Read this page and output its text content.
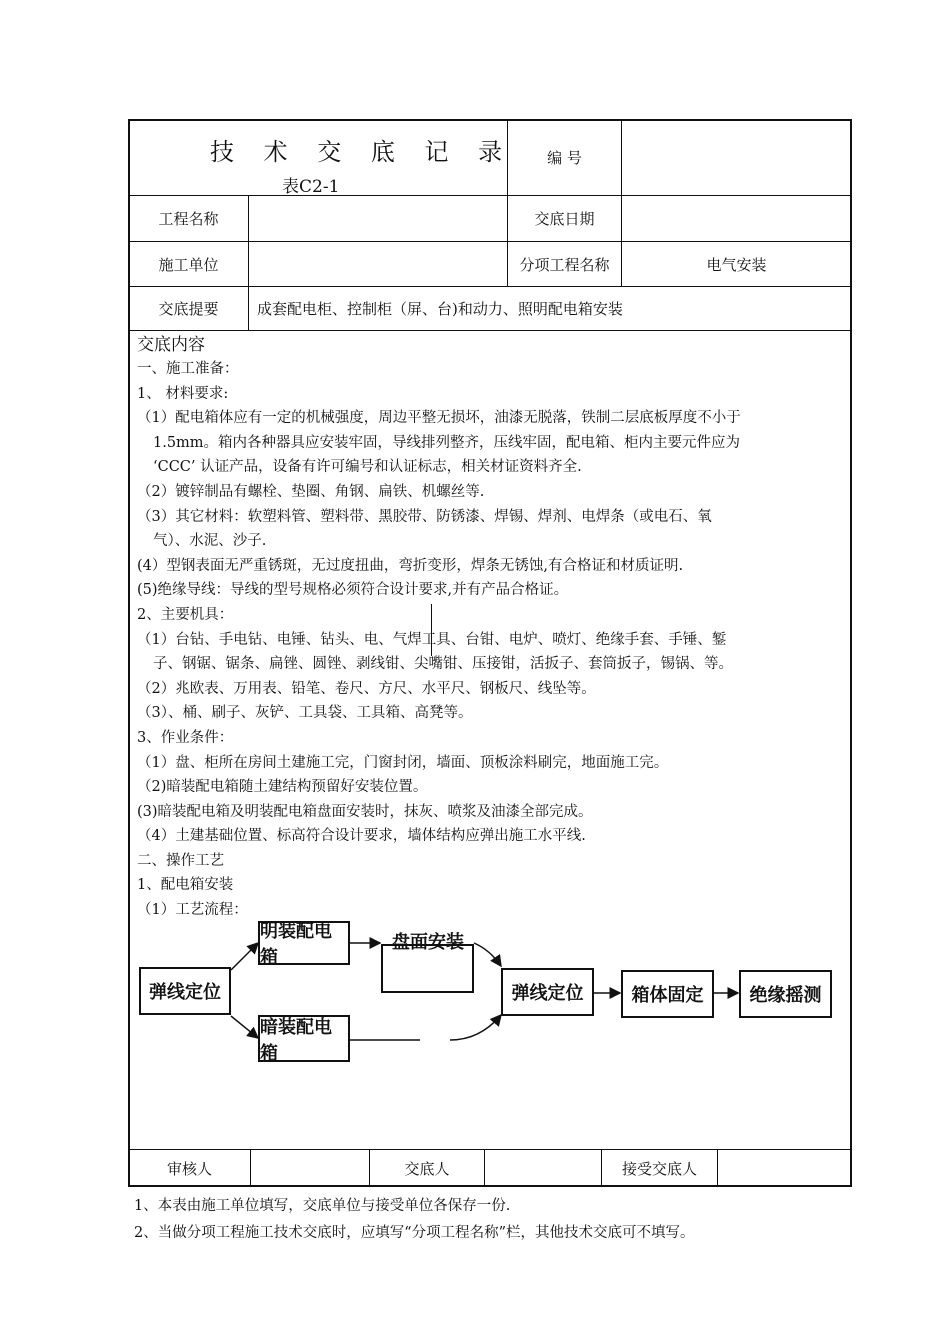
技 术 交 底 记 录
表C2-1
编 号
工程名称	交底日期
施工单位	分项工程名称	电气安装
交底提要	成套配电柜、控制柜（屏、台)和动力、照明配电箱安装

交底内容

一、施工准备：

1、 材料要求:

（1）配电箱体应有一定的机械强度，周边平整无损坏，油漆无脱落，铁制二层底板厚度不小于

1.5mm。箱内各种器具应安装牢固，导线排列整齐，压线牢固，配电箱、柜内主要元件应为

‘CCC’ 认证产品，设备有许可编号和认证标志，相关材证资料齐全.

（2）镀锌制品有螺栓、垫圈、角钢、扁铁、机螺丝等.

（3）其它材料：软塑料管、塑料带、黑胶带、防锈漆、焊锡、焊剂、电焊条（或电石、氧

气）、水泥、沙子.

(4）型钢表面无严重锈斑，无过度扭曲，弯折变形，焊条无锈蚀,有合格证和材质证明.

(5)绝缘导线：导线的型号规格必须符合设计要求,并有产品合格证。

2、主要机具：

（1）台钻、手电钻、电锤、钻头、电、气焊工具、台钳、电炉、喷灯、绝缘手套、手锤、錾

子、钢锯、锯条、扁锉、圆锉、剥线钳、尖嘴钳、压接钳，活扳子、套筒扳子，锡锅、等。

（2）兆欧表、万用表、铅笔、卷尺、方尺、水平尺、钢板尺、线坠等。

（3）、桶、刷子、灰铲、工具袋、工具箱、高凳等。

3、作业条件：

（1）盘、柜所在房间土建施工完，门窗封闭，墙面、顶板涂料刷完，地面施工完。

（2)暗装配电箱随土建结构预留好安装位置。

(3)暗装配电箱及明装配电箱盘面安装时，抹灰、喷浆及油漆全部完成。

（4）土建基础位置、标高符合设计要求，墙体结构应弹出施工水平线.

二、操作工艺

1、配电箱安装

（1）工艺流程：

弹线定位
明装配电箱
盘面安装
暗装配电箱
弹线定位	箱体固定	绝缘摇测
审核人	交底人	接受交底人

1、本表由施工单位填写，交底单位与接受单位各保存一份.

2、当做分项工程施工技术交底时，应填写“分项工程名称”栏，其他技术交底可不填写。
